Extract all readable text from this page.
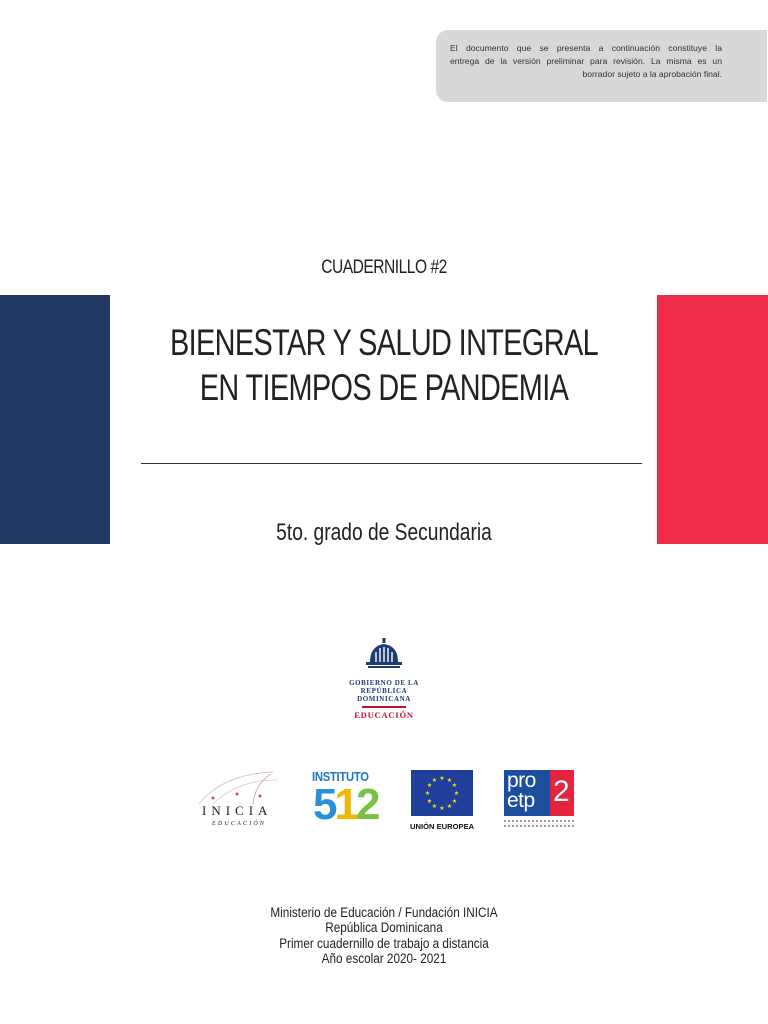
El documento que se presenta a continuación constituye la
entrega de la versión preliminar para revisión. La misma es un
borrador sujeto a la aprobación final.
CUADERNILLO #2
BIENESTAR Y SALUD INTEGRAL
EN TIEMPOS DE PANDEMIA
5to. grado de Secundaria
GOBIERNO DE LA
REPÚBLICA
DOMINICANA
EDUCACIÓN
INICIA
EDUCACIÓN
INSTITUTO
512
★ ★
★
★
★
★
★
★
★
★
★
★
UNIÓN EUROPEA
pro
etp 2
Ministerio de Educación / Fundación INICIA
República Dominicana
Primer cuadernillo de trabajo a distancia
Año escolar 2020- 2021
